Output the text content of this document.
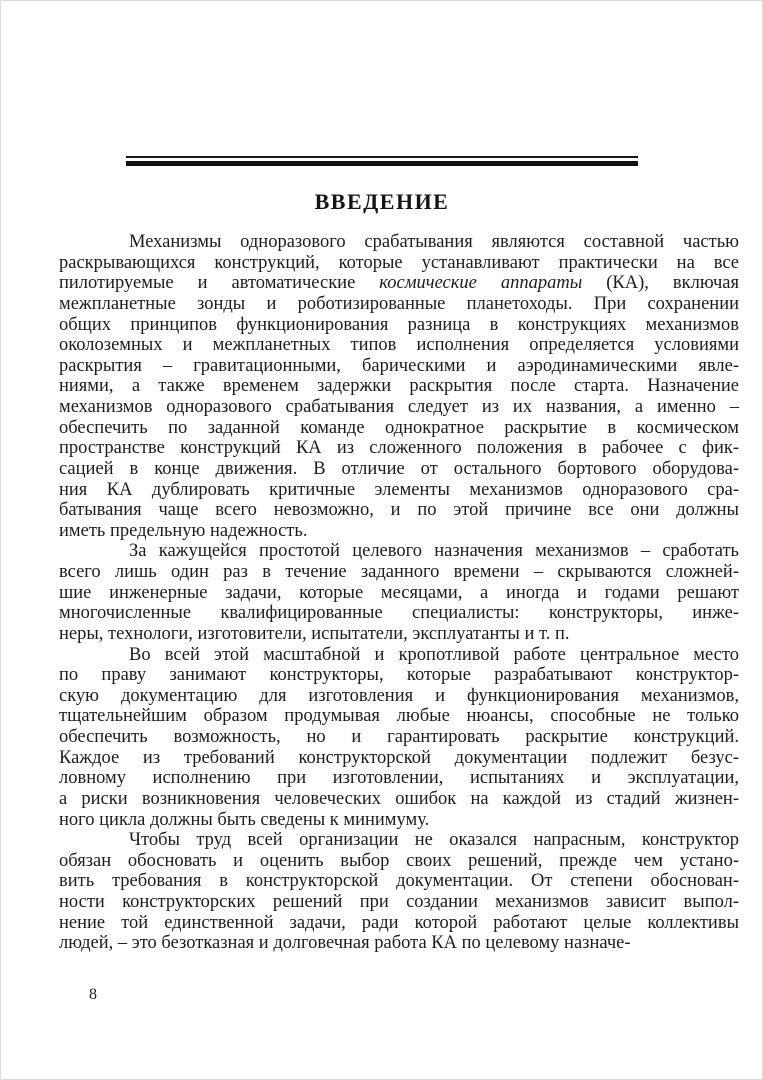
ВВЕДЕНИЕ
Механизмы одноразового срабатывания являются составной частью
раскрывающихся конструкций, которые устанавливают практически на все
пилотируемые и автоматические космические аппараты (КА), включая
межпланетные зонды и роботизированные планетоходы. При сохранении
общих принципов функционирования разница в конструкциях механизмов
околоземных и межпланетных типов исполнения определяется условиями
раскрытия – гравитационными, барическими и аэродинамическими явле-
ниями, а также временем задержки раскрытия после старта. Назначение
механизмов одноразового срабатывания следует из их названия, а именно –
обеспечить по заданной команде однократное раскрытие в космическом
пространстве конструкций КА из сложенного положения в рабочее с фик-
сацией в конце движения. В отличие от остального бортового оборудова-
ния КА дублировать критичные элементы механизмов одноразового сра-
батывания чаще всего невозможно, и по этой причине все они должны
иметь предельную надежность.
За кажущейся простотой целевого назначения механизмов – сработать
всего лишь один раз в течение заданного времени – скрываются сложней-
шие инженерные задачи, которые месяцами, а иногда и годами решают
многочисленные квалифицированные специалисты: конструкторы, инже-
неры, технологи, изготовители, испытатели, эксплуатанты и т. п.
Во всей этой масштабной и кропотливой работе центральное место
по праву занимают конструкторы, которые разрабатывают конструктор-
скую документацию для изготовления и функционирования механизмов,
тщательнейшим образом продумывая любые нюансы, способные не только
обеспечить возможность, но и гарантировать раскрытие конструкций.
Каждое из требований конструкторской документации подлежит безус-
ловному исполнению при изготовлении, испытаниях и эксплуатации,
а риски возникновения человеческих ошибок на каждой из стадий жизнен-
ного цикла должны быть сведены к минимуму.
Чтобы труд всей организации не оказался напрасным, конструктор
обязан обосновать и оценить выбор своих решений, прежде чем устано-
вить требования в конструкторской документации. От степени обоснован-
ности конструкторских решений при создании механизмов зависит выпол-
нение той единственной задачи, ради которой работают целые коллективы
людей, – это безотказная и долговечная работа КА по целевому назначе-
8
